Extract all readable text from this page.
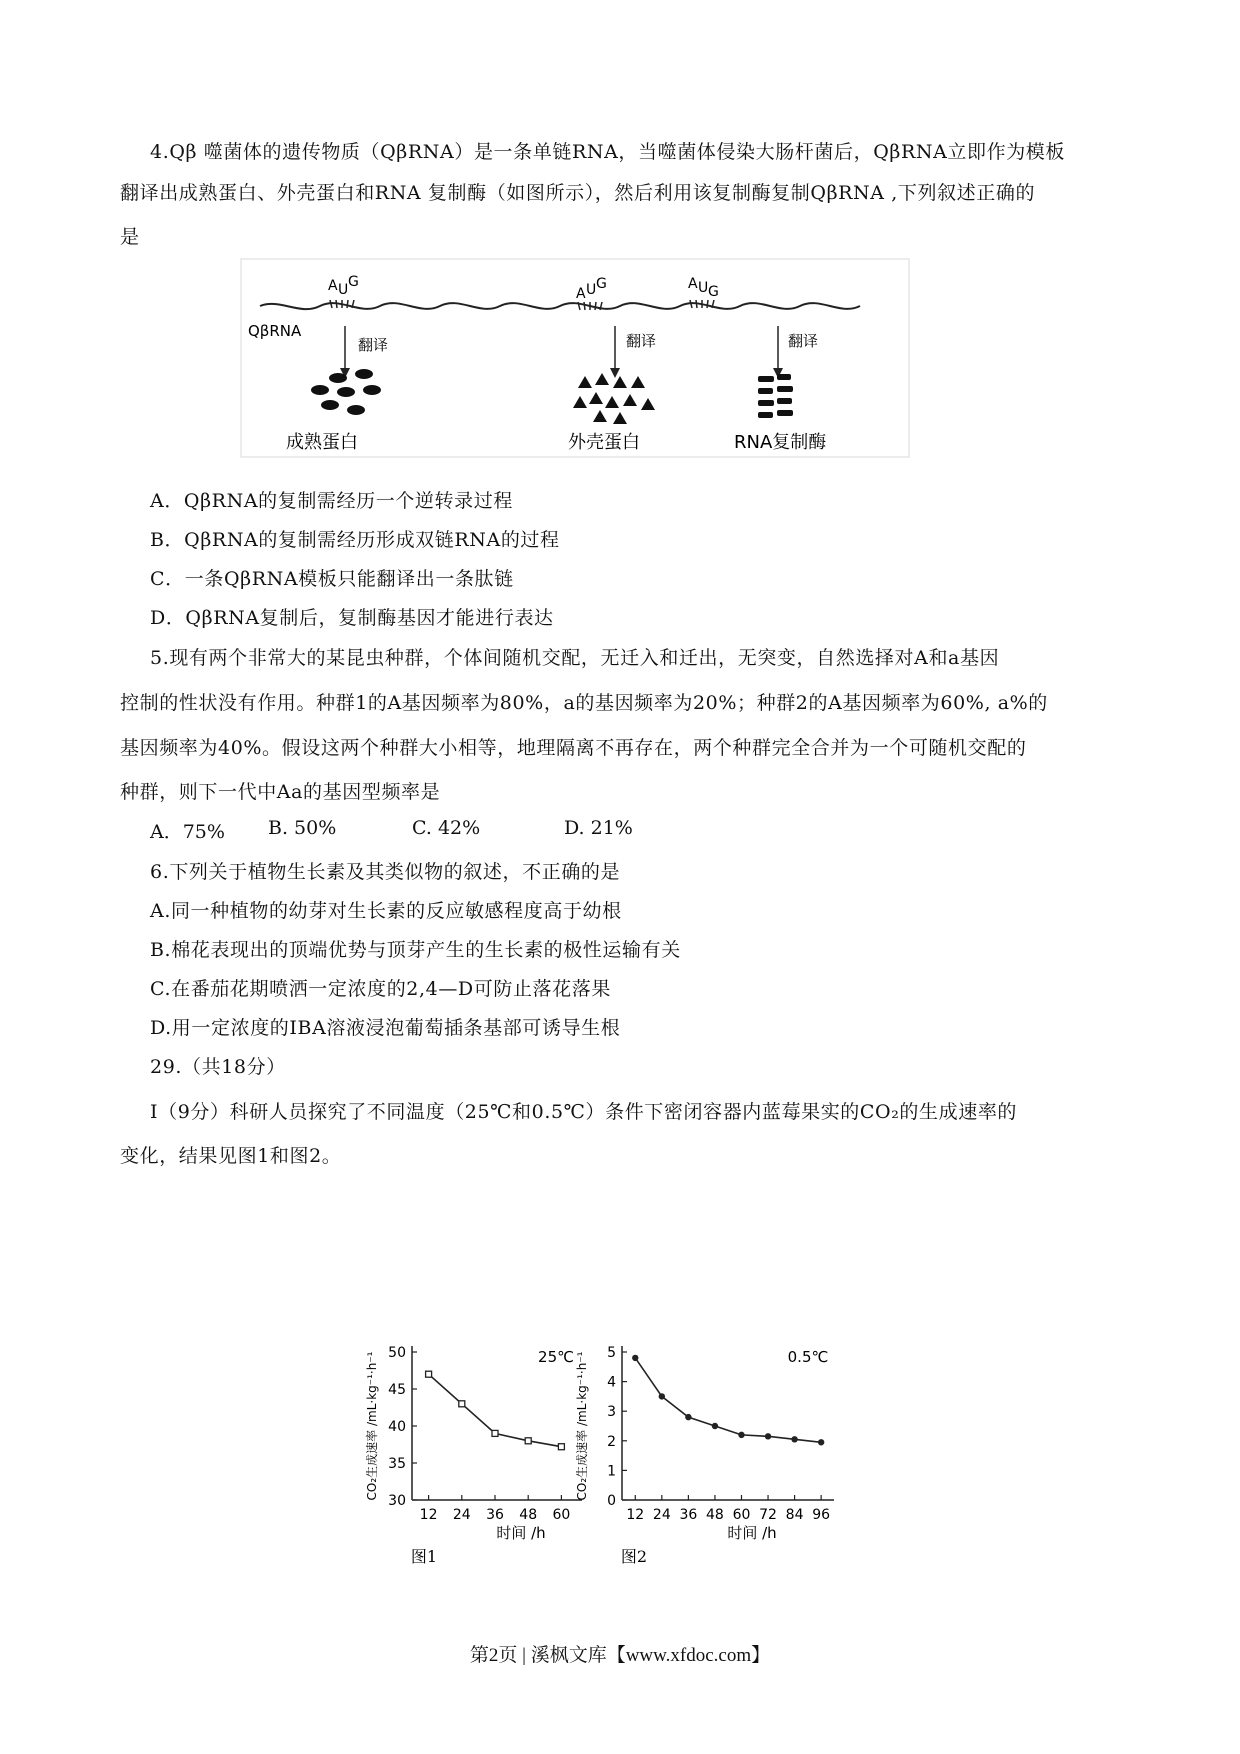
4.Qβ 噬菌体的遗传物质（QβRNA）是一条单链RNA，当噬菌体侵染大肠杆菌后，QβRNA立即作为模板
翻译出成熟蛋白、外壳蛋白和RNA 复制酶（如图所示），然后利用该复制酶复制QβRNA ,下列叙述正确的
是
QβRNA
A U G
A U G	A U G
翻译	翻译	翻译
成熟蛋白	外壳蛋白	RNA复制酶
A．QβRNA的复制需经历一个逆转录过程
B．QβRNA的复制需经历形成双链RNA的过程
C．一条QβRNA模板只能翻译出一条肽链
D．QβRNA复制后，复制酶基因才能进行表达
5.现有两个非常大的某昆虫种群，个体间随机交配，无迁入和迁出，无突变，自然选择对A和a基因
控制的性状没有作用。种群1的A基因频率为80%，a的基因频率为20%；种群2的A基因频率为60%, a%的
基因频率为40%。假设这两个种群大小相等，地理隔离不再存在，两个种群完全合并为一个可随机交配的
种群，则下一代中Aa的基因型频率是
A．75% B. 50%	C. 42%	D. 21%
6.下列关于植物生长素及其类似物的叙述，不正确的是
A.同一种植物的幼芽对生长素的反应敏感程度高于幼根
B.棉花表现出的顶端优势与顶芽产生的生长素的极性运输有关
C.在番茄花期喷洒一定浓度的2,4—D可防止落花落果
D.用一定浓度的IBA溶液浸泡葡萄插条基部可诱导生根
29.（共18分）
Ⅰ（9分）科研人员探究了不同温度（25℃和0.5℃）条件下密闭容器内蓝莓果实的CO₂的生成速率的
变化，结果见图1和图2。
30
35
40
45
50
12 24 36 48 60
25℃
时间 /h
CO₂生成速率 /mL·kg⁻¹·h⁻¹
图1
0
1
2
3
4
5
12 24 36 48 60 72 84 96
0.5℃
时间 /h
CO₂生成速率 /mL·kg⁻¹·h⁻¹
图2
第2页 | 溪枫文库【www.xfdoc.com】
